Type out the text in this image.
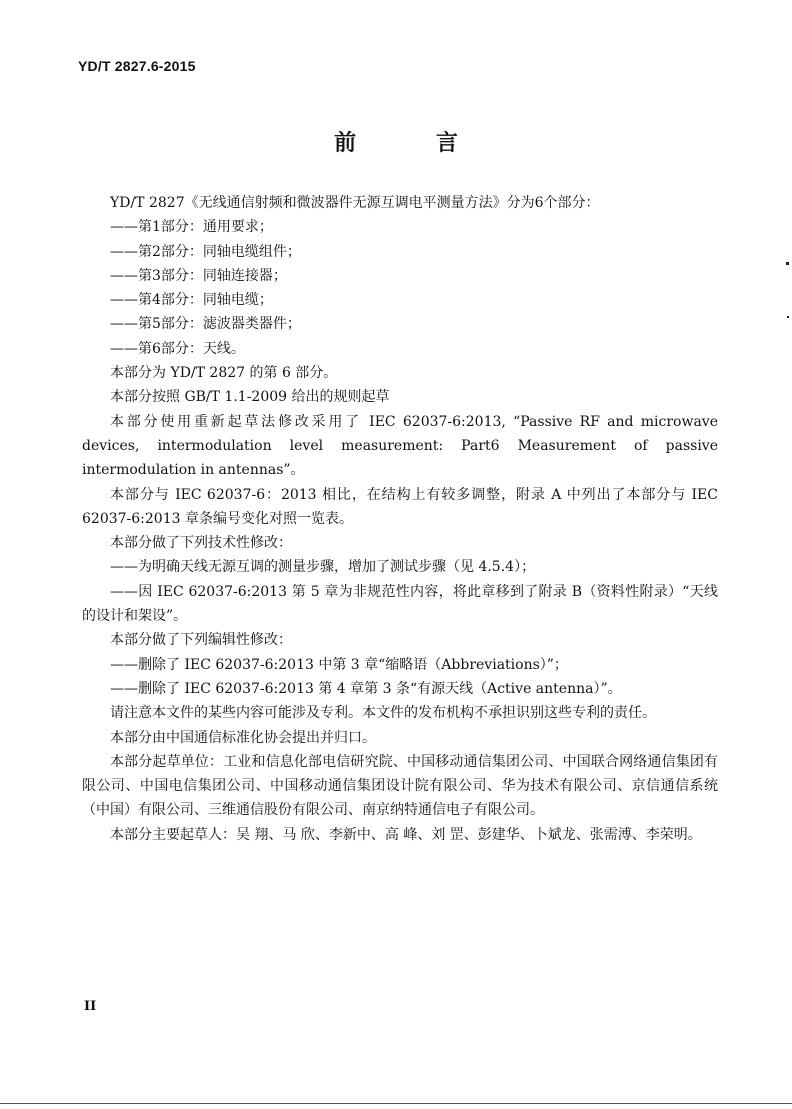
YD/T 2827.6-2015
前 言

YD/T 2827《无线通信射频和微波器件无源互调电平测量方法》分为6个部分：

——第1部分：通用要求；

——第2部分：同轴电缆组件；

——第3部分：同轴连接器；

——第4部分：同轴电缆；

——第5部分：滤波器类器件；

——第6部分：天线。

本部分为 YD/T 2827 的第 6 部分。

本部分按照 GB/T 1.1-2009 给出的规则起草

本部分使用重新起草法修改采用了 IEC 62037-6:2013, “Passive RF and microwave devices, intermodulation level measurement: Part6 Measurement of passive intermodulation in antennas”。

本部分与 IEC 62037-6：2013 相比，在结构上有较多调整，附录 A 中列出了本部分与 IEC 62037-6:2013 章条编号变化对照一览表。

本部分做了下列技术性修改：

——为明确天线无源互调的测量步骤，增加了测试步骤（见 4.5.4）；

——因 IEC 62037-6:2013 第 5 章为非规范性内容，将此章移到了附录 B（资料性附录）“天线的设计和架设”。

本部分做了下列编辑性修改：

——删除了 IEC 62037-6:2013 中第 3 章“缩略语（Abbreviations）”；

——删除了 IEC 62037-6:2013 第 4 章第 3 条“有源天线（Active antenna）”。

请注意本文件的某些内容可能涉及专利。本文件的发布机构不承担识别这些专利的责任。

本部分由中国通信标准化协会提出并归口。

本部分起草单位：工业和信息化部电信研究院、中国移动通信集团公司、中国联合网络通信集团有限公司、中国电信集团公司、中国移动通信集团设计院有限公司、华为技术有限公司、京信通信系统（中国）有限公司、三维通信股份有限公司、南京纳特通信电子有限公司。

本部分主要起草人：吴 翔、马 欣、李新中、高 峰、刘 罡、彭建华、卜斌龙、张需溥、李荣明。

II
